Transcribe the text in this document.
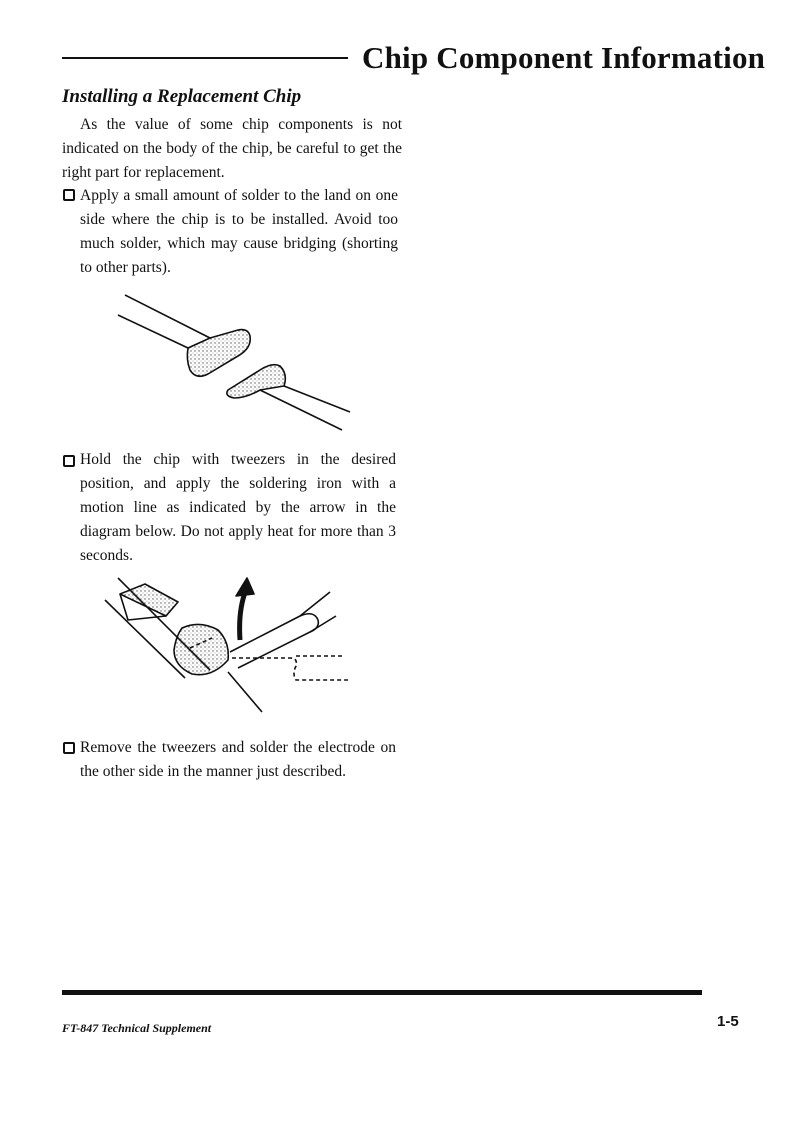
Chip Component Information
Installing a Replacement Chip
As the value of some chip components is not indicated on the body of the chip, be careful to get the right part for replacement.
Apply a small amount of solder to the land on one side where the chip is to be installed. Avoid too much solder, which may cause bridging (shorting to other parts).
Hold the chip with tweezers in the desired position, and apply the soldering iron with a motion line as indicated by the arrow in the diagram below. Do not apply heat for more than 3 seconds.
Remove the tweezers and solder the electrode on the other side in the manner just described.
FT-847 Technical Supplement	1-5
